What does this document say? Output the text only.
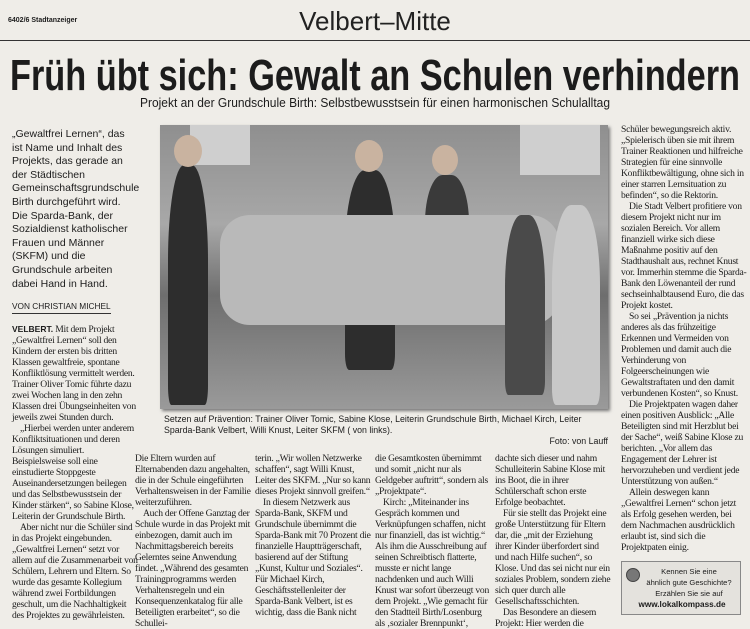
6402/6 Stadtanzeiger	Velbert–Mitte
Früh übt sich: Gewalt an Schulen verhindern
Projekt an der Grundschule Birth: Selbstbewusstsein für einen harmonischen Schulalltag
„Gewaltfrei Lernen“, das ist Name und Inhalt des Projekts, das gerade an der Städtischen Gemeinschaftsgrundschule Birth durchgeführt wird. Die Sparda-Bank, der Sozialdienst katholischer Frauen und Männer (SKFM) und die Grundschule arbeiten dabei Hand in Hand.
VON CHRISTIAN MICHEL

VELBERT. Mit dem Projekt „Gewaltfrei Lernen“ soll den Kindern der ersten bis dritten Klassen gewaltfreie, spontane Konfliktlösung vermittelt werden. Trainer Oliver Tomic führte dazu zwei Wochen lang in den zehn Klassen drei Übungseinheiten von jeweils zwei Stunden durch.

„Hierbei werden unter anderem Konfliktsituationen und deren Lösungen simuliert. Beispielsweise soll eine einstudierte Stoppgeste Auseinandersetzungen beilegen und das Selbstbewusstsein der Kinder stärken“, so Sabine Klose, Leiterin der Grundschule Birth.

Aber nicht nur die Schüler sind in das Projekt eingebunden. „Gewaltfrei Lernen“ setzt vor allem auf die Zusammenarbeit von Schülern, Lehrern und Eltern. So wurde das gesamte Kollegium während zwei Fortbildungen geschult, um die Nachhaltigkeit des Projektes zu gewährleisten.

Setzen auf Prävention: Trainer Oliver Tomic, Sabine Klose, Leiterin Grundschule Birth, Michael Kirch, Leiter Sparda-Bank Velbert, Willi Knust, Leiter SKFM ( von links).
Foto: von Lauff

Die Eltern wurden auf Elternabenden dazu angehalten, die in der Schule eingeführten Verhaltensweisen in der Familie weiterzuführen.

Auch der Offene Ganztag der Schule wurde in das Projekt mit einbezogen, damit auch im Nachmittagsbereich bereits Gelerntes seine Anwendung findet. „Während des gesamten Trainingprogramms werden Verhaltensregeln und ein Konsequenzenkatalog für alle Beteiligten erarbeitet“, so die Schullei-

terin. „Wir wollen Netzwerke schaffen“, sagt Willi Knust, Leiter des SKFM. „Nur so kann dieses Projekt sinnvoll greifen.“

In diesem Netzwerk aus Sparda-Bank, SKFM und Grundschule übernimmt die Sparda-Bank mit 70 Prozent die finanzielle Hauptträgerschaft, basierend auf der Stiftung „Kunst, Kultur und Soziales“. Für Michael Kirch, Geschäftsstellenleiter der Sparda-Bank Velbert, ist es wichtig, dass die Bank nicht

die Gesamtkosten übernimmt und somit „nicht nur als Geldgeber auftritt“, sondern als „Projektpate“.

Kirch: „Miteinander ins Gespräch kommen und Verknüpfungen schaffen, nicht nur finanziell, das ist wichtig.“ Als ihm die Ausschreibung auf seinen Schreibtisch flatterte, musste er nicht lange nachdenken und auch Willi Knust war sofort überzeugt von dem Projekt. „Wie gemacht für den Stadtteil Birth/Losenburg als ‚sozialer Brennpunkt‘,

dachte sich dieser und nahm Schulleiterin Sabine Klose mit ins Boot, die in ihrer Schülerschaft schon erste Erfolge beobachtet.

Für sie stellt das Projekt eine große Unterstützung für Eltern dar, die „mit der Erziehung ihrer Kinder überfordert sind und nach Hilfe suchen“, so Klose. Und das sei nicht nur ein soziales Problem, sondern ziehe sich quer durch alle Gesellschaftsschichten.

Das Besondere an diesem Projekt: Hier werden die

Schüler bewegungsreich aktiv. „Spielerisch üben sie mit ihrem Trainer Reaktionen und hilfreiche Strategien für eine sinnvolle Konfliktbewältigung, ohne sich in einer starren Lernsituation zu befinden“, so die Rektorin.

Die Stadt Velbert profitiere von diesem Projekt nicht nur im sozialen Bereich. Vor allem finanziell wirke sich diese Maßnahme positiv auf den Stadthaushalt aus, rechnet Knust vor. Immerhin stemme die Sparda-Bank den Löwenanteil der rund sechseinhalbtausend Euro, die das Projekt kostet.

So sei „Prävention ja nichts anderes als das frühzeitige Erkennen und Vermeiden von Problemen und damit auch die Verhinderung von Folgeerscheinungen wie Gewaltstraftaten und den damit verbundenen Kosten“, so Knust.

Die Projektpaten wagen daher einen positiven Ausblick: „Alle Beteiligten sind mit Herzblut bei der Sache“, weiß Sabine Klose zu berichten. „Vor allem das Engagement der Lehrer ist hervorzuheben und verdient jede Unterstützung von außen.“

Allein deswegen kann „Gewaltfrei Lernen“ schon jetzt als Erfolg gesehen werden, bei dem Nachmachen ausdrücklich erlaubt ist, sind sich die Projektpaten einig.

Kennen Sie eine
ähnlich gute Geschichte?
Erzählen Sie sie auf
www.lokalkompass.de
